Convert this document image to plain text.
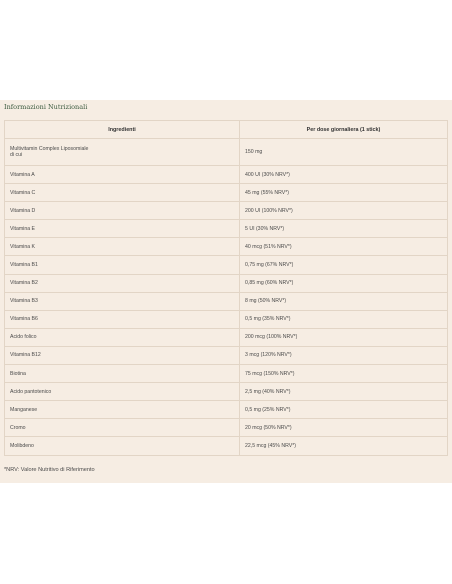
Informazioni Nutrizionali
Ingredienti	Per dose giornaliera (1 stick)
Multivitamin Complex Liposomiale
di cui	150 mg
Vitamina A	400 UI (30% NRV*)
Vitamina C	45 mg (55% NRV*)
Vitamina D	200 UI (100% NRV*)
Vitamina E	5 UI (30% NRV*)
Vitamina K	40 mcg (51% NRV*)
Vitamina B1	0,75 mg (67% NRV*)
Vitamina B2	0,85 mg (60% NRV*)
Vitamina B3	8 mg (50% NRV*)
Vitamina B6	0,5 mg (35% NRV*)
Acido folico	200 mcg (100% NRV*)
Vitamina B12	3 mcg (120% NRV*)
Biotina	75 mcg (150% NRV*)
Acido pantotenico	2,5 mg (40% NRV*)
Manganese	0,5 mg (25% NRV*)
Cromo	20 mcg (50% NRV*)
Molibdeno	22,5 mcg (45% NRV*)
*NRV: Valore Nutritivo di Riferimento
